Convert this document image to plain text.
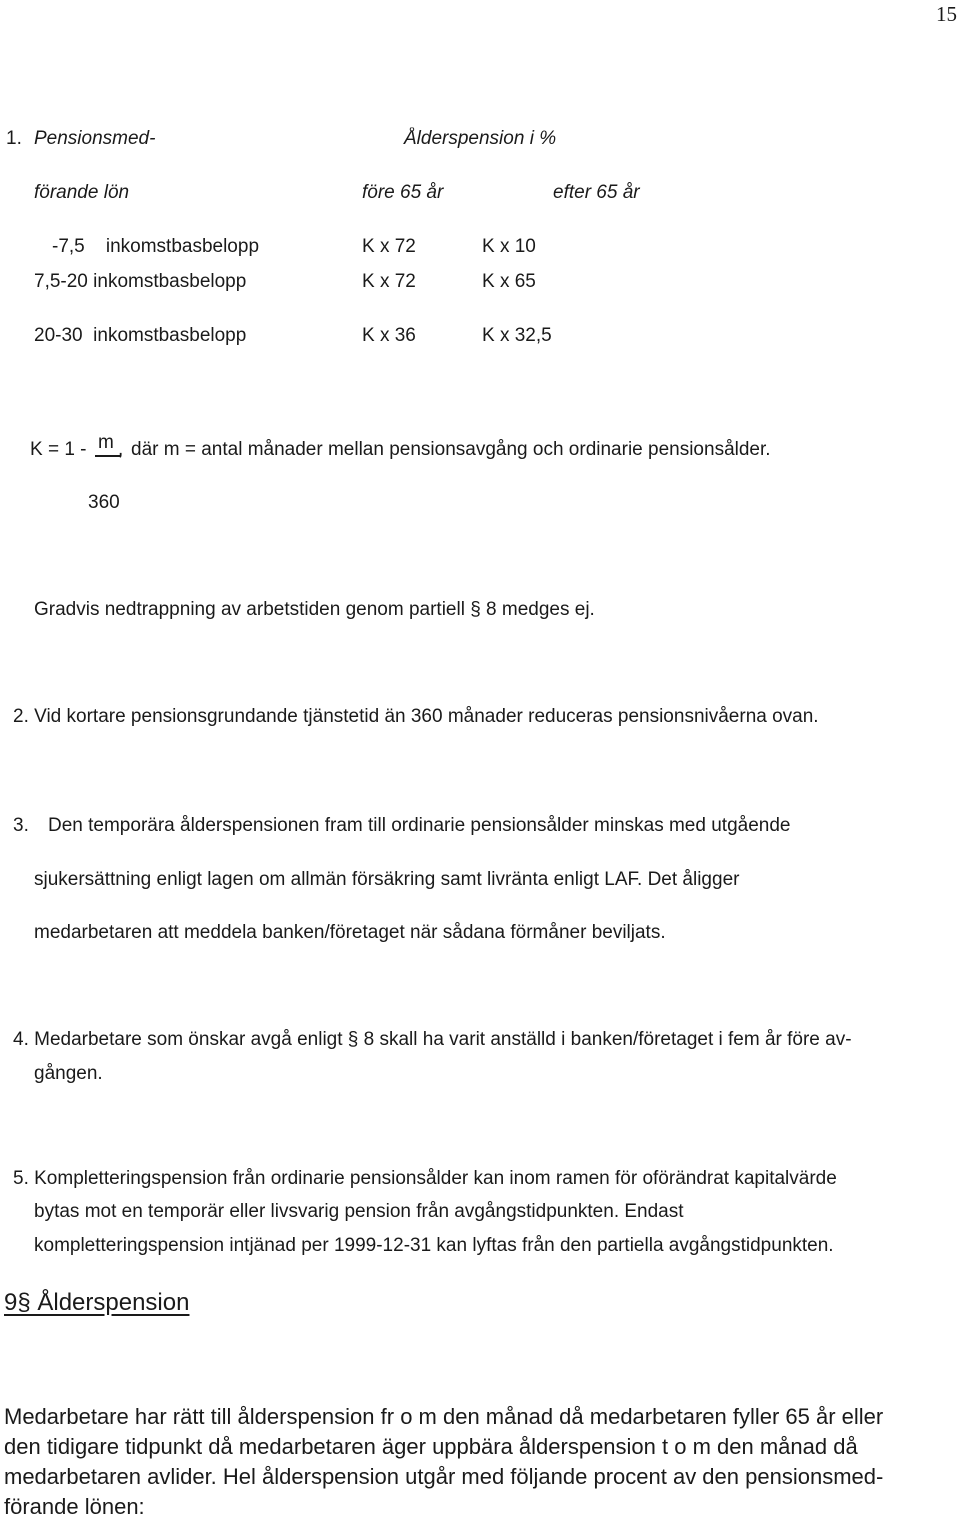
15
1. Pensionsmed-	Ålderspension i %
förande lön	före 65 år	efter 65 år
-7,5    inkomstbasbelopp	K x 72	K x 10
7,5-20 inkomstbasbelopp	K x 72	K x 65
20-30  inkomstbasbelopp	K x 36	K x 32,5
K = 1 - m , där m = antal månader mellan pensionsavgång och ordinarie pensionsålder.
360
Gradvis nedtrappning av arbetstiden genom partiell § 8 medges ej.
2. Vid kortare pensionsgrundande tjänstetid än 360 månader reduceras pensionsnivåerna ovan.
3. Den temporära ålderspensionen fram till ordinarie pensionsålder minskas med utgående
sjukersättning enligt lagen om allmän försäkring samt livränta enligt LAF. Det åligger
medarbetaren att meddela banken/företaget när sådana förmåner beviljats.
4. Medarbetare som önskar avgå enligt § 8 skall ha varit anställd i banken/företaget i fem år före av-
gången.
5. Kompletteringspension från ordinarie pensionsålder kan inom ramen för oförändrat kapitalvärde
bytas mot en temporär eller livsvarig pension från avgångstidpunkten. Endast
kompletteringspension intjänad per 1999-12-31 kan lyftas från den partiella avgångstidpunkten.
9§ Ålderspension
Medarbetare har rätt till ålderspension fr o m den månad då medarbetaren fyller 65 år eller
den tidigare tidpunkt då medarbetaren äger uppbära ålderspension t o m den månad då
medarbetaren avlider. Hel ålderspension utgår med följande procent av den pensionsmed-
förande lönen:
